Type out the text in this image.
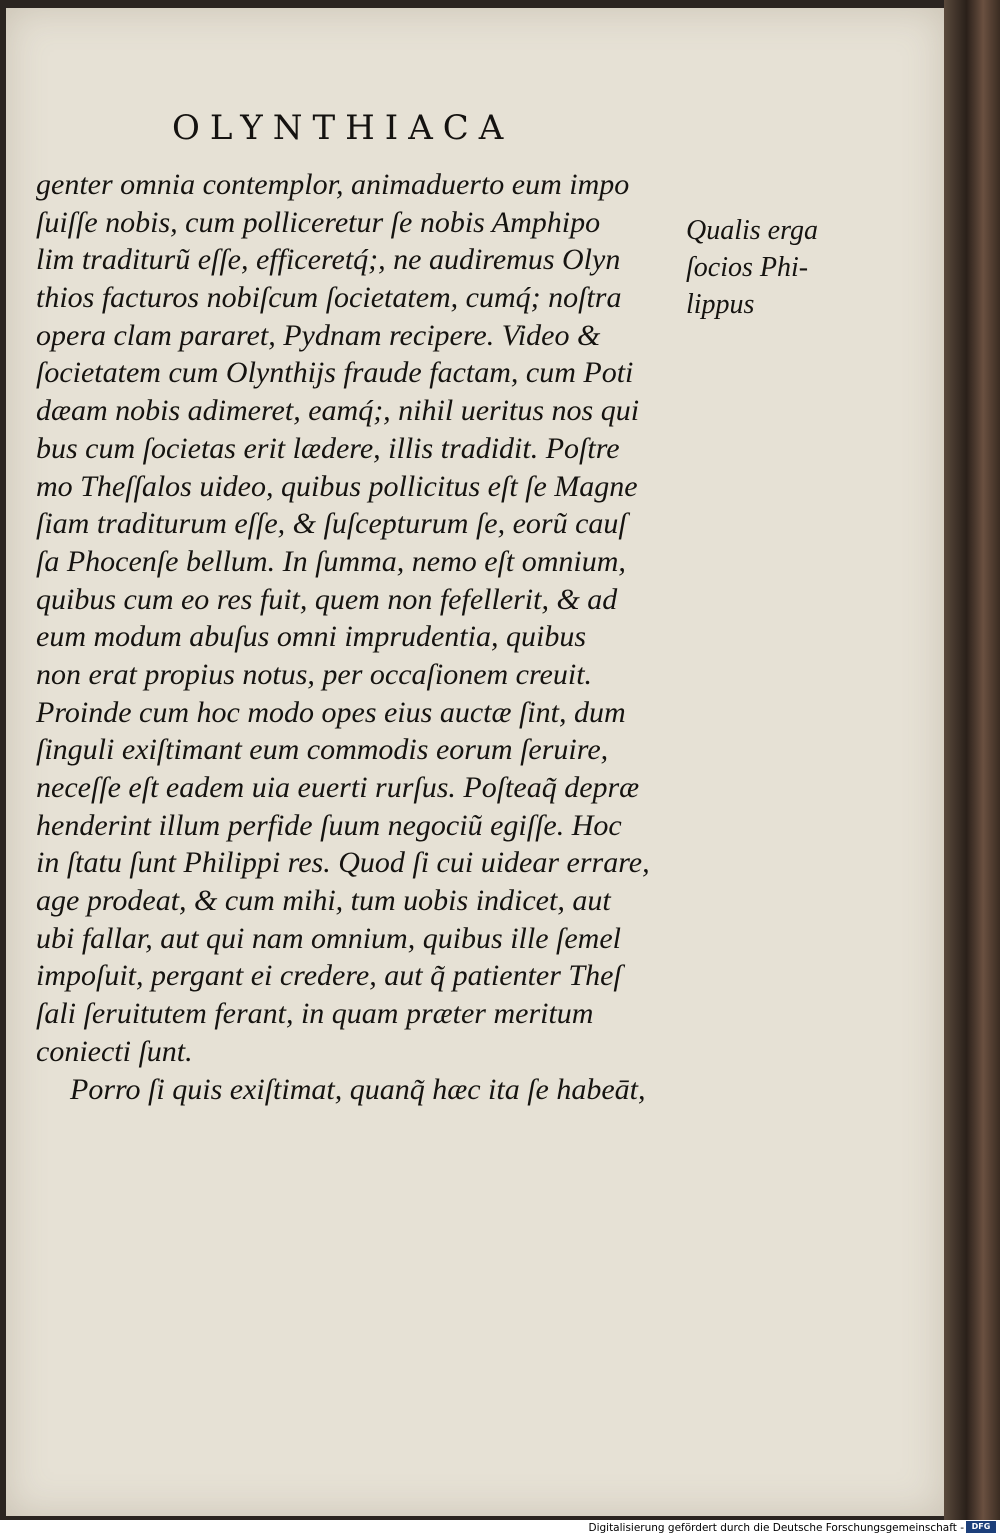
OLYNTHIACA
genter omnia contemplor, animaduerto eum impo
ſuiſſe nobis, cum polliceretur ſe nobis Amphipo
lim traditurũ eſſe, efficeretq́;, ne audiremus Olyn
thios facturos nobiſcum ſocietatem, cumq́; noſtra
opera clam pararet, Pydnam recipere. Video &
ſocietatem cum Olynthijs fraude factam, cum Poti
dæam nobis adimeret, eamq́;, nihil ueritus nos qui
bus cum ſocietas erit lædere, illis tradidit. Poſtre
mo Theſſalos uideo, quibus pollicitus eſt ſe Magne
ſiam traditurum eſſe, & ſuſcepturum ſe, eorũ cauſ
ſa Phocenſe bellum. In ſumma, nemo eſt omnium,
quibus cum eo res fuit, quem non fefellerit, & ad
eum modum abuſus omni imprudentia, quibus
non erat propius notus, per occaſionem creuit.
Proinde cum hoc modo opes eius auctæ ſint, dum
ſinguli exiſtimant eum commodis eorum ſeruire,
neceſſe eſt eadem uia euerti rurſus. Poſteaq̃ depræ
henderint illum perfide ſuum negociũ egiſſe. Hoc
in ſtatu ſunt Philippi res. Quod ſi cui uidear errare,
age prodeat, & cum mihi, tum uobis indicet, aut
ubi fallar, aut qui nam omnium, quibus ille ſemel
impoſuit, pergant ei credere, aut q̃ patienter Theſ
ſali ſeruitutem ferant, in quam præter meritum
coniecti ſunt.
Porro ſi quis exiſtimat, quanq̃ hæc ita ſe habeāt,
Qualis erga
ſocios Phi-
lippus
Digitalisierung gefördert durch die Deutsche Forschungsgemeinschaft - DFG
